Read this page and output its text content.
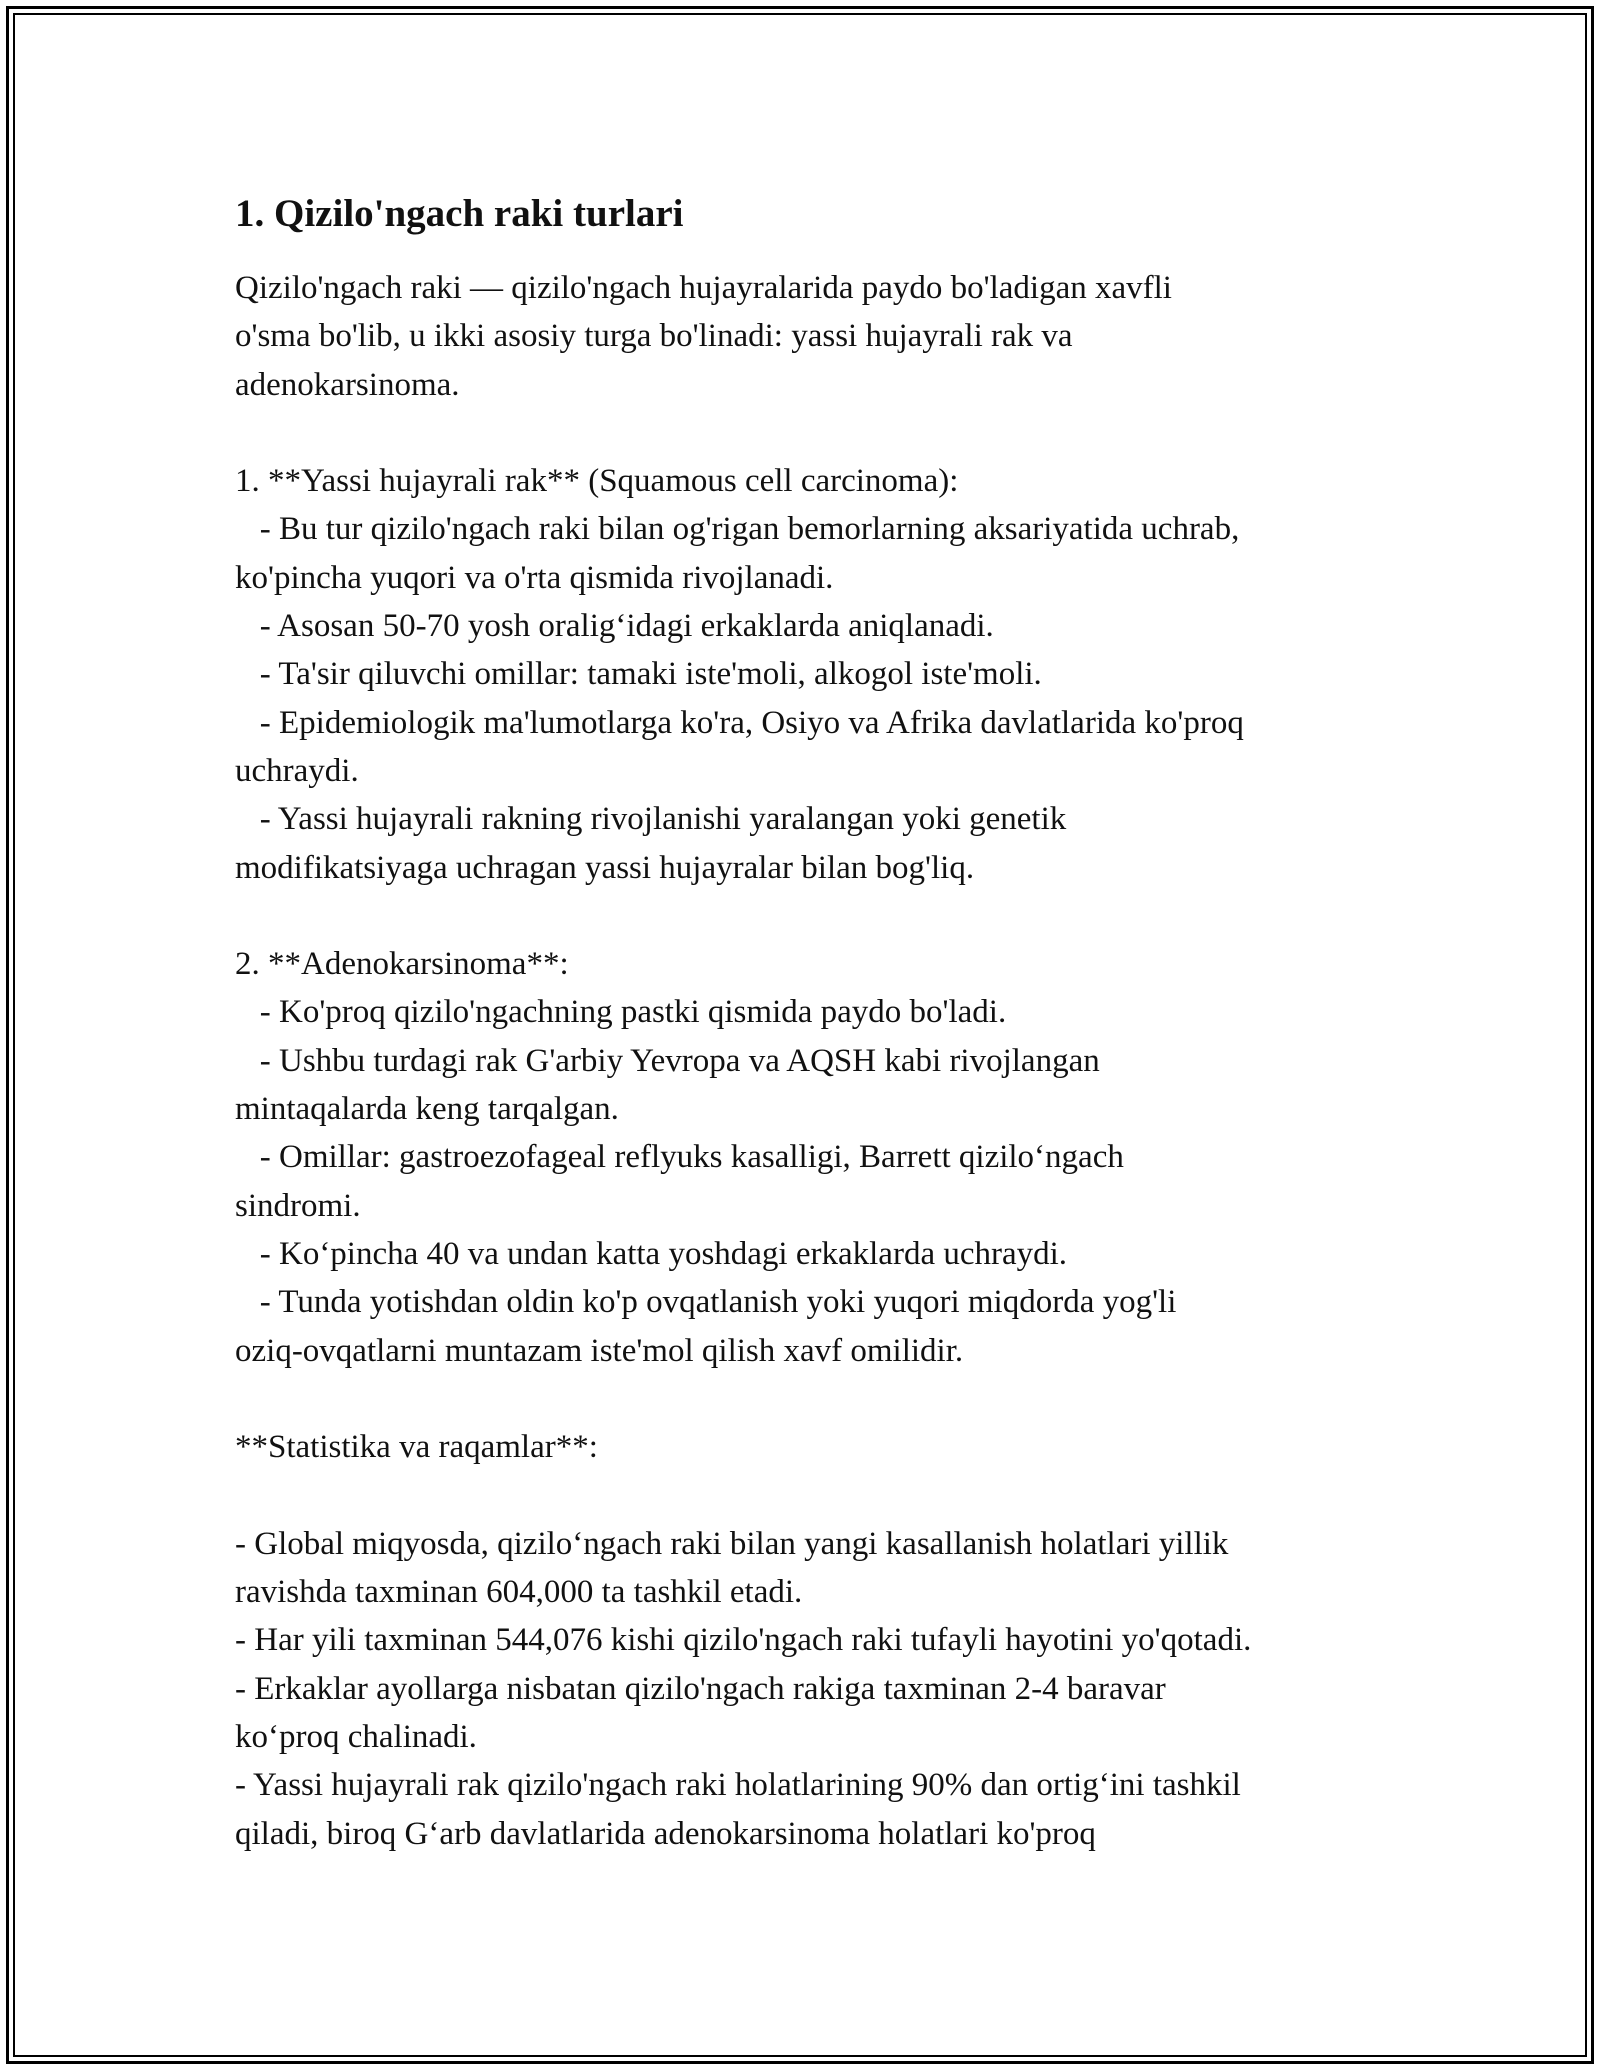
1. Qizilo'ngach raki turlari

Qizilo'ngach raki — qizilo'ngach hujayralarida paydo bo'ladigan xavfli
o'sma bo'lib, u ikki asosiy turga bo'linadi: yassi hujayrali rak va
adenokarsinoma.

1. **Yassi hujayrali rak** (Squamous cell carcinoma):
- Bu tur qizilo'ngach raki bilan og'rigan bemorlarning aksariyatida uchrab,
ko'pincha yuqori va o'rta qismida rivojlanadi.
- Asosan 50-70 yosh oralig‘idagi erkaklarda aniqlanadi.
- Ta'sir qiluvchi omillar: tamaki iste'moli, alkogol iste'moli.
- Epidemiologik ma'lumotlarga ko'ra, Osiyo va Afrika davlatlarida ko'proq
uchraydi.
- Yassi hujayrali rakning rivojlanishi yaralangan yoki genetik
modifikatsiyaga uchragan yassi hujayralar bilan bog'liq.

2. **Adenokarsinoma**:
- Ko'proq qizilo'ngachning pastki qismida paydo bo'ladi.
- Ushbu turdagi rak G'arbiy Yevropa va AQSH kabi rivojlangan
mintaqalarda keng tarqalgan.
- Omillar: gastroezofageal reflyuks kasalligi, Barrett qizilo‘ngach
sindromi.
- Ko‘pincha 40 va undan katta yoshdagi erkaklarda uchraydi.
- Tunda yotishdan oldin ko'p ovqatlanish yoki yuqori miqdorda yog'li
oziq-ovqatlarni muntazam iste'mol qilish xavf omilidir.

**Statistika va raqamlar**:

- Global miqyosda, qizilo‘ngach raki bilan yangi kasallanish holatlari yillik
ravishda taxminan 604,000 ta tashkil etadi.
- Har yili taxminan 544,076 kishi qizilo'ngach raki tufayli hayotini yo'qotadi.
- Erkaklar ayollarga nisbatan qizilo'ngach rakiga taxminan 2-4 baravar
ko‘proq chalinadi.
- Yassi hujayrali rak qizilo'ngach raki holatlarining 90% dan ortig‘ini tashkil
qiladi, biroq G‘arb davlatlarida adenokarsinoma holatlari ko'proq
